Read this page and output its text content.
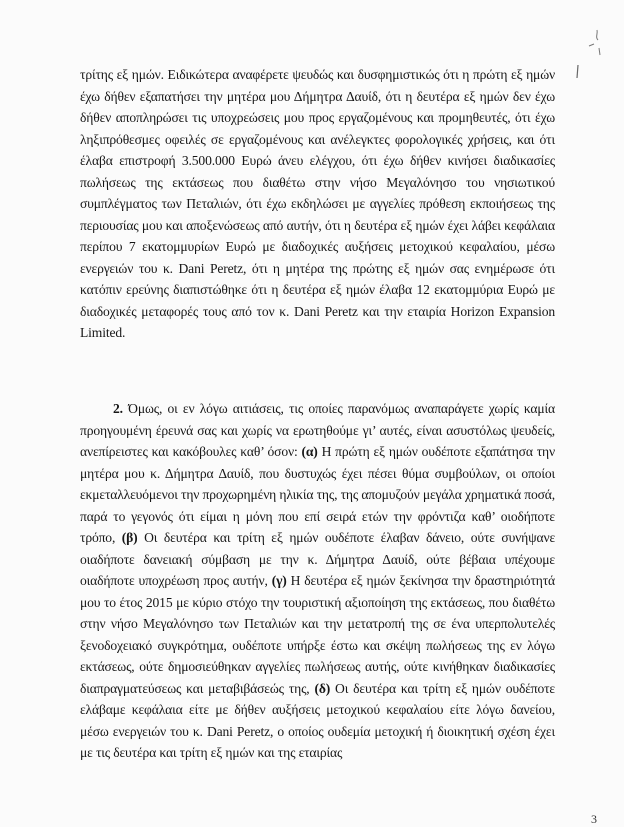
τρίτης εξ ημών. Ειδικώτερα αναφέρετε ψευδώς και δυσφημιστικώς ότι η πρώτη εξ ημών έχω δήθεν εξαπατήσει την μητέρα μου Δήμητρα Δαυίδ, ότι η δευτέρα εξ ημών δεν έχω δήθεν αποπληρώσει τις υποχρεώσεις μου προς εργαζομένους και προμηθευτές, ότι έχω ληξιπρόθεσμες οφειλές σε εργαζομένους και ανέλεγκτες φορολογικές χρήσεις, και ότι έλαβα επιστροφή 3.500.000 Ευρώ άνευ ελέγχου, ότι έχω δήθεν κινήσει διαδικασίες πωλήσεως της εκτάσεως που διαθέτω στην νήσο Μεγαλόνησο του νησιωτικού συμπλέγματος των Πεταλιών, ότι έχω εκδηλώσει με αγγελίες πρόθεση εκποιήσεως της περιουσίας μου και αποξενώσεως από αυτήν, ότι η δευτέρα εξ ημών έχει λάβει κεφάλαια περίπου 7 εκατομμυρίων Ευρώ με διαδοχικές αυξήσεις μετοχικού κεφαλαίου, μέσω ενεργειών του κ. Dani Peretz, ότι η μητέρα της πρώτης εξ ημών σας ενημέρωσε ότι κατόπιν ερεύνης διαπιστώθηκε ότι η δευτέρα εξ ημών έλαβα 12 εκατομμύρια Ευρώ με διαδοχικές μεταφορές τους από τον κ. Dani Peretz και την εταιρία Horizon Expansion Limited.

2. Όμως, οι εν λόγω αιτιάσεις, τις οποίες παρανόμως αναπαράγετε χωρίς καμία προηγουμένη έρευνά σας και χωρίς να ερωτηθούμε γι’ αυτές, είναι ασυστόλως ψευδείς, ανεπίρειστες και κακόβουλες καθ’ όσον: (α) Η πρώτη εξ ημών ουδέποτε εξαπάτησα την μητέρα μου κ. Δήμητρα Δαυίδ, που δυστυχώς έχει πέσει θύμα συμβούλων, οι οποίοι εκμεταλλευόμενοι την προχωρημένη ηλικία της, της απομυζούν μεγάλα χρηματικά ποσά, παρά το γεγονός ότι είμαι η μόνη που επί σειρά ετών την φρόντιζα καθ’ οιοδήποτε τρόπο, (β) Οι δευτέρα και τρίτη εξ ημών ουδέποτε έλαβαν δάνειο, ούτε συνήψανε οιαδήποτε δανειακή σύμβαση με την κ. Δήμητρα Δαυίδ, ούτε βέβαια υπέχουμε οιαδήποτε υποχρέωση προς αυτήν, (γ) Η δευτέρα εξ ημών ξεκίνησα την δραστηριότητά μου το έτος 2015 με κύριο στόχο την τουριστική αξιοποίηση της εκτάσεως, που διαθέτω στην νήσο Μεγαλόνησο των Πεταλιών και την μετατροπή της σε ένα υπερπολυτελές ξενοδοχειακό συγκρότημα, ουδέποτε υπήρξε έστω και σκέψη πωλήσεως της εν λόγω εκτάσεως, ούτε δημοσιεύθηκαν αγγελίες πωλήσεως αυτής, ούτε κινήθηκαν διαδικασίες διαπραγματεύσεως και μεταβιβάσεώς της, (δ) Οι δευτέρα και τρίτη εξ ημών ουδέποτε ελάβαμε κεφάλαια είτε με δήθεν αυξήσεις μετοχικού κεφαλαίου είτε λόγω δανείου, μέσω ενεργειών του κ. Dani Peretz, ο οποίος ουδεμία μετοχική ή διοικητική σχέση έχει με τις δευτέρα και τρίτη εξ ημών και της εταιρίας

3
